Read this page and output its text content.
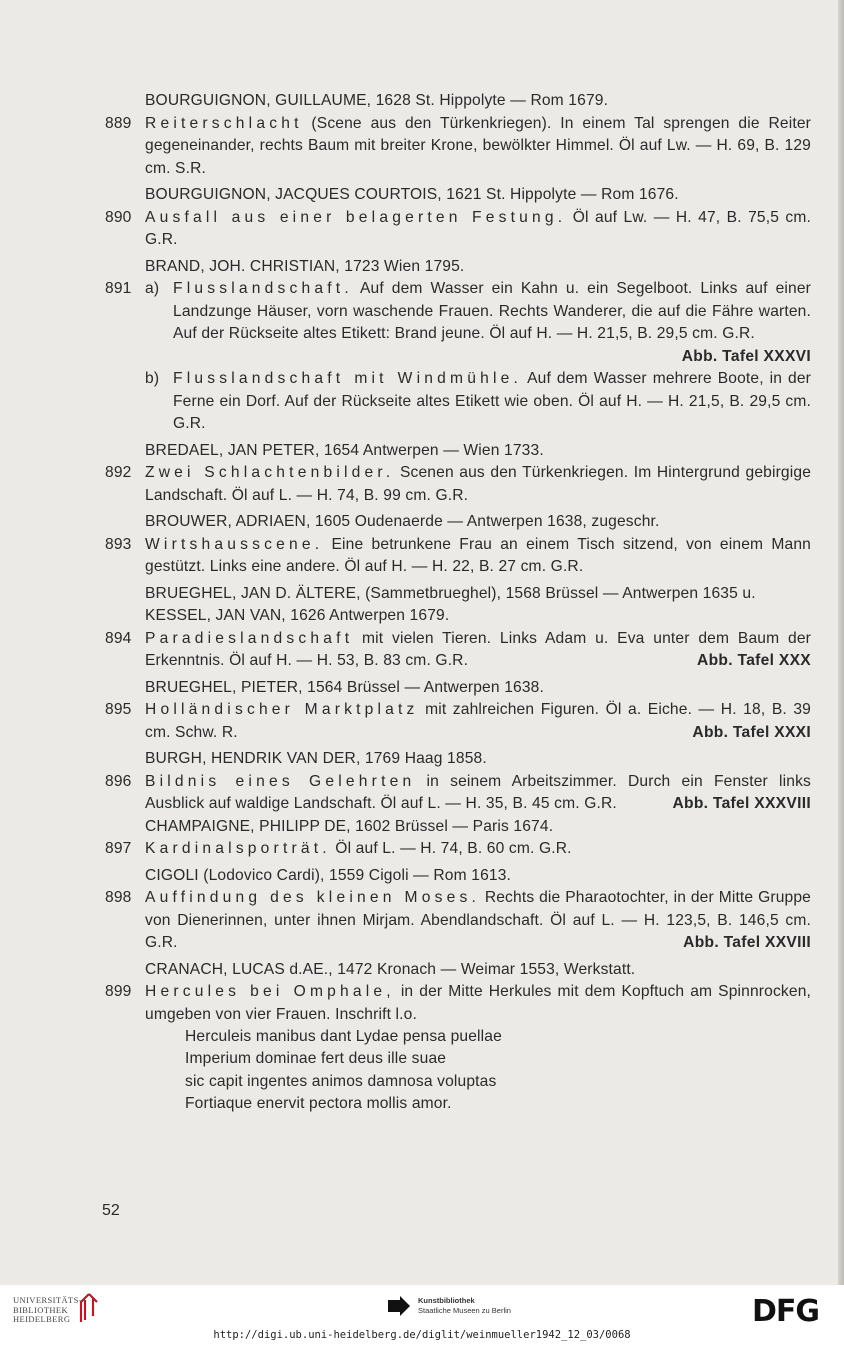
BOURGUIGNON, GUILLAUME, 1628 St. Hippolyte — Rom 1679.
889 Reiterschlacht (Scene aus den Türkenkriegen). In einem Tal sprengen die Reiter gegeneinander, rechts Baum mit breiter Krone, bewölkter Himmel. Öl auf Lw. — H. 69, B. 129 cm. S.R.
BOURGUIGNON, JACQUES COURTOIS, 1621 St. Hippolyte — Rom 1676.
890 Ausfall aus einer belagerten Festung. Öl auf Lw. — H. 47, B. 75,5 cm. G.R.
BRAND, JOH. CHRISTIAN, 1723 Wien 1795.
891 a) Flusslandschaft. Auf dem Wasser ein Kahn u. ein Segelboot. Links auf einer Landzunge Häuser, vorn waschende Frauen. Rechts Wanderer, die auf die Fähre warten. Auf der Rückseite altes Etikett: Brand jeune. Öl auf H. — H. 21,5, B. 29,5 cm. G.R.
Abb. Tafel XXXVI
b) Flusslandschaft mit Windmühle. Auf dem Wasser mehrere Boote, in der Ferne ein Dorf. Auf der Rückseite altes Etikett wie oben. Öl auf H. — H. 21,5, B. 29,5 cm. G.R.
BREDAEL, JAN PETER, 1654 Antwerpen — Wien 1733.
892 Zwei Schlachtenbilder. Scenen aus den Türkenkriegen. Im Hintergrund gebirgige Landschaft. Öl auf L. — H. 74, B. 99 cm. G.R.
BROUWER, ADRIAEN, 1605 Oudenaerde — Antwerpen 1638, zugeschr.
893 Wirtshausscene. Eine betrunkene Frau an einem Tisch sitzend, von einem Mann gestützt. Links eine andere. Öl auf H. — H. 22, B. 27 cm. G.R.
BRUEGHEL, JAN D. ÄLTERE, (Sammetbrueghel), 1568 Brüssel — Antwerpen 1635 u.
KESSEL, JAN VAN, 1626 Antwerpen 1679.
894 Paradieslandschaft mit vielen Tieren. Links Adam u. Eva unter dem Baum der Erkenntnis. Öl auf H. — H. 53, B. 83 cm. G.R.	Abb. Tafel XXX
BRUEGHEL, PIETER, 1564 Brüssel — Antwerpen 1638.
895 Holländischer Marktplatz mit zahlreichen Figuren. Öl a. Eiche. — H. 18, B. 39 cm. Schw. R.	Abb. Tafel XXXI
BURGH, HENDRIK VAN DER, 1769 Haag 1858.
896 Bildnis eines Gelehrten in seinem Arbeitszimmer. Durch ein Fenster links Ausblick auf waldige Landschaft. Öl auf L. — H. 35, B. 45 cm. G.R.	Abb. Tafel XXXVIII
CHAMPAIGNE, PHILIPP DE, 1602 Brüssel — Paris 1674.
897 Kardinalsporträt. Öl auf L. — H. 74, B. 60 cm. G.R.
CIGOLI (Lodovico Cardi), 1559 Cigoli — Rom 1613.
898 Auffindung des kleinen Moses. Rechts die Pharaotochter, in der Mitte Gruppe von Dienerinnen, unter ihnen Mirjam. Abendlandschaft. Öl auf L. — H. 123,5, B. 146,5 cm. G.R.	Abb. Tafel XXVIII
CRANACH, LUCAS d.AE., 1472 Kronach — Weimar 1553, Werkstatt.
899 Hercules bei Omphale, in der Mitte Herkules mit dem Kopftuch am Spinnrocken, umgeben von vier Frauen. Inschrift l.o.
Herculeis manibus dant Lydae pensa puellae
Imperium dominae fert deus ille suae
sic capit ingentes animos damnosa voluptas
Fortiaque enervit pectora mollis amor.
52
UNIVERSITÄTS-
BIBLIOTHEK
HEIDELBERG
Kunstbibliothek
Staatliche Museen zu Berlin	DFG
http://digi.ub.uni-heidelberg.de/diglit/weinmueller1942_12_03/0068
